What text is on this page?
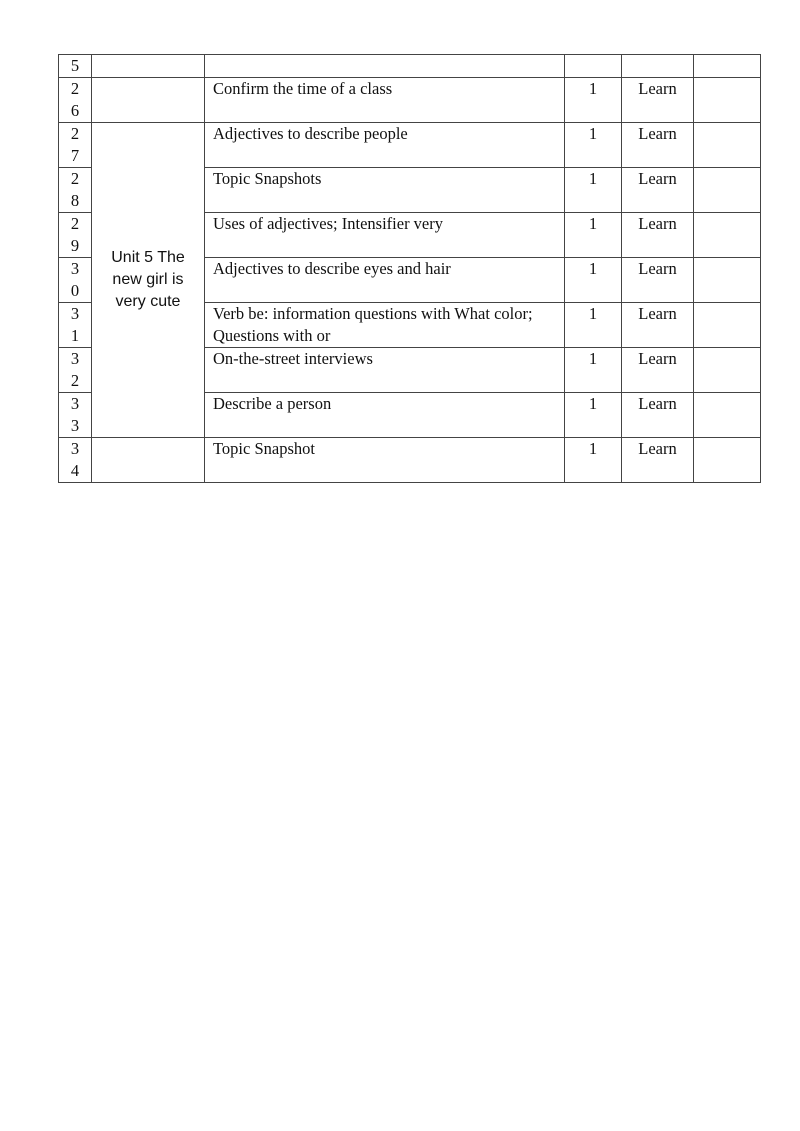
5					

26		Confirm the time of a class	1	Learn	

27	Unit 5 The new girl is very cute	Adjectives to describe people	1	Learn	

28		Topic Snapshots	1	Learn	

29		Uses of adjectives; Intensifier very	1	Learn	

30		Adjectives to describe eyes and hair	1	Learn	

31		Verb be: information questions with What color; Questions with or	1	Learn	

32		On-the-street interviews	1	Learn	

33		Describe a person	1	Learn	

34		Topic Snapshot	1	Learn	
